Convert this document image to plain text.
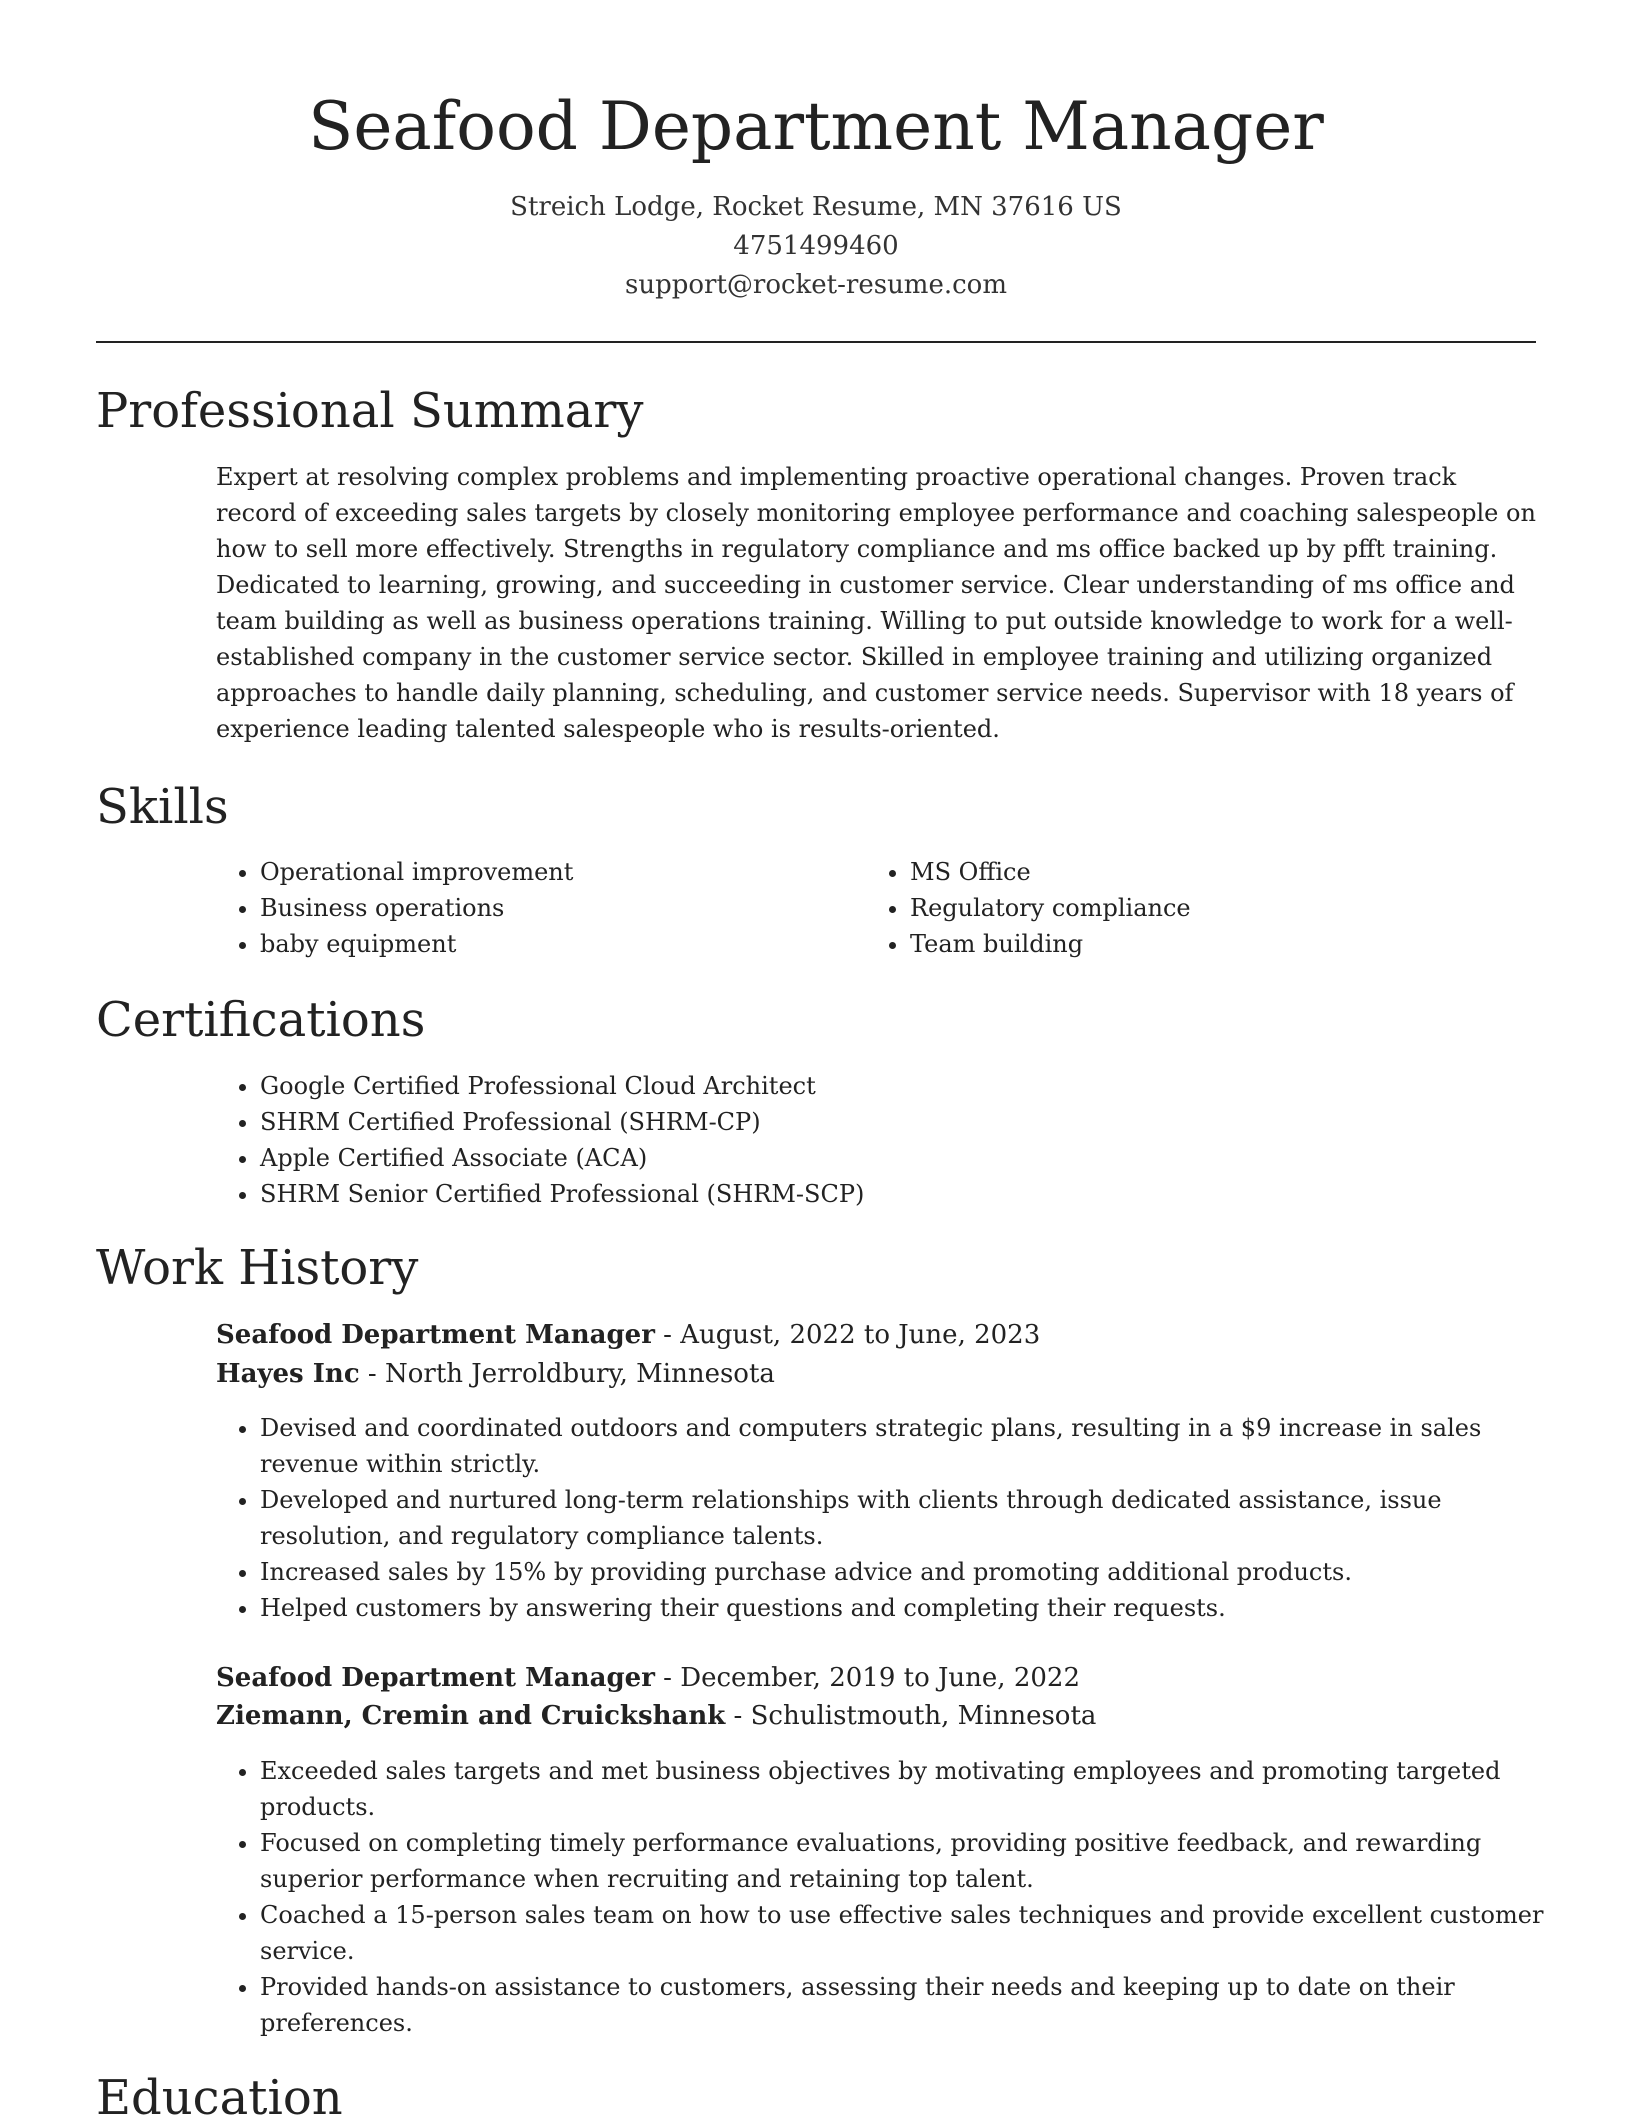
Seafood Department Manager
Streich Lodge, Rocket Resume, MN 37616 US
4751499460
support@rocket-resume.com
Professional Summary

Expert at resolving complex problems and implementing proactive operational changes. Proven track record of exceeding sales targets by closely monitoring employee performance and coaching salespeople on how to sell more effectively. Strengths in regulatory compliance and ms office backed up by pfft training. Dedicated to learning, growing, and succeeding in customer service. Clear understanding of ms office and team building as well as business operations training. Willing to put outside knowledge to work for a well-established company in the customer service sector. Skilled in employee training and utilizing organized approaches to handle daily planning, scheduling, and customer service needs. Supervisor with 18 years of experience leading talented salespeople who is results-oriented.

Skills
• Operational improvement
• Business operations
• baby equipment
• MS Office
• Regulatory compliance
• Team building
Certifications
• Google Certified Professional Cloud Architect
• SHRM Certified Professional (SHRM-CP)
• Apple Certified Associate (ACA)
• SHRM Senior Certified Professional (SHRM-SCP)
Work History
Seafood Department Manager - August, 2022 to June, 2023
Hayes Inc - North Jerroldbury, Minnesota
• Devised and coordinated outdoors and computers strategic plans, resulting in a $9 increase in sales revenue within strictly.
• Developed and nurtured long-term relationships with clients through dedicated assistance, issue resolution, and regulatory compliance talents.
• Increased sales by 15% by providing purchase advice and promoting additional products.
• Helped customers by answering their questions and completing their requests.
Seafood Department Manager - December, 2019 to June, 2022
Ziemann, Cremin and Cruickshank - Schulistmouth, Minnesota
• Exceeded sales targets and met business objectives by motivating employees and promoting targeted products.
• Focused on completing timely performance evaluations, providing positive feedback, and rewarding superior performance when recruiting and retaining top talent.
• Coached a 15-person sales team on how to use effective sales techniques and provide excellent customer service.
• Provided hands-on assistance to customers, assessing their needs and keeping up to date on their preferences.
Education
